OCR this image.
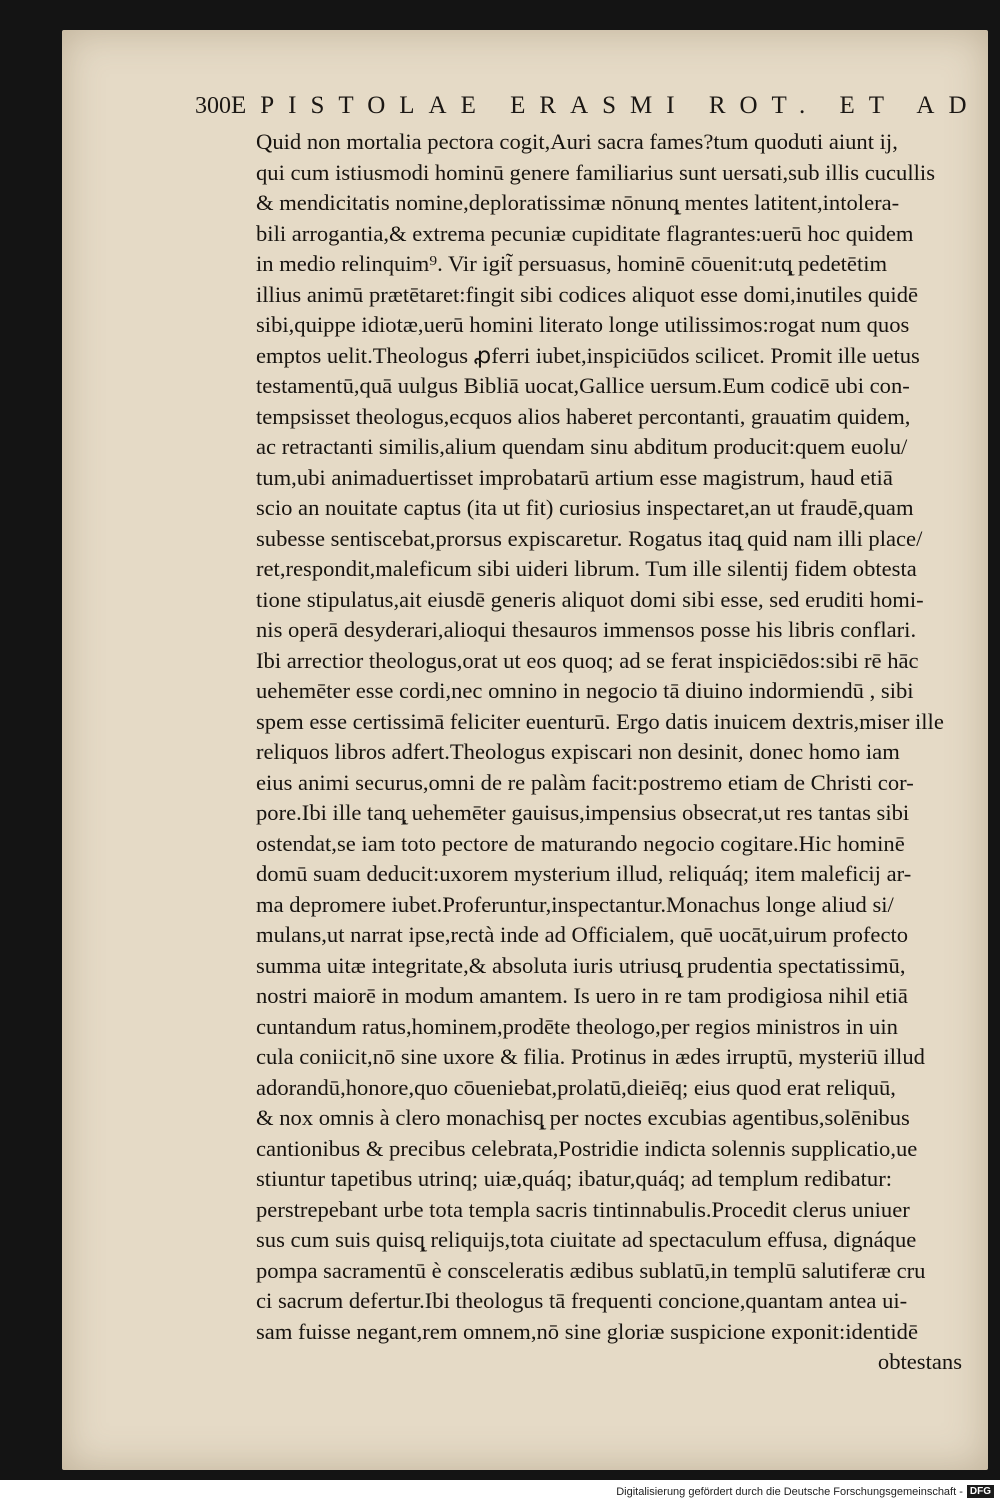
300 EPISTOLAE ERASMI ROT. ET AD
Quid non mortalia pectora cogit,Auri sacra fames?tum quoduti aiunt ij,
qui cum istiusmodi hominū genere familiarius sunt uersati,sub illis cucullis
& mendicitatis nomine,deploratissimæ nōnunq̨ mentes latitent,intolera-
bili arrogantia,& extrema pecuniæ cupiditate flagrantes:uerū hoc quidem
in medio relinquim⁹. Vir igit̃ persuasus, hominē cōuenit:utq̨ pedetētim
illius animū prætētaret:fingit sibi codices aliquot esse domi,inutiles quidē
sibi,quippe idiotæ,uerū homini literato longe utilissimos:rogat num quos
emptos uelit.Theologus ꝓferri iubet,inspiciūdos scilicet. Promit ille uetus
testamentū,quā uulgus Bibliā uocat,Gallice uersum.Eum codicē ubi con-
tempsisset theologus,ecquos alios haberet percontanti, grauatim quidem,
ac retractanti similis,alium quendam sinu abditum producit:quem euolu/
tum,ubi animaduertisset improbatarū artium esse magistrum, haud etiā
scio an nouitate captus (ita ut fit) curiosius inspectaret,an ut fraudē,quam
subesse sentiscebat,prorsus expiscaretur. Rogatus itaq̨ quid nam illi place/
ret,respondit,maleficum sibi uideri librum. Tum ille silentij fidem obtesta
tione stipulatus,ait eiusdē generis aliquot domi sibi esse, sed eruditi homi-
nis operā desyderari,alioqui thesauros immensos posse his libris conflari.
Ibi arrectior theologus,orat ut eos quoq; ad se ferat inspiciēdos:sibi rē hāc
uehemēter esse cordi,nec omnino in negocio tā diuino indormiendū , sibi
spem esse certissimā feliciter euenturū. Ergo datis inuicem dextris,miser ille
reliquos libros adfert.Theologus expiscari non desinit, donec homo iam
eius animi securus,omni de re palàm facit:postremo etiam de Christi cor-
pore.Ibi ille tanq̨ uehemēter gauisus,impensius obsecrat,ut res tantas sibi
ostendat,se iam toto pectore de maturando negocio cogitare.Hic hominē
domū suam deducit:uxorem mysterium illud, reliquáq; item maleficij ar-
ma depromere iubet.Proferuntur,inspectantur.Monachus longe aliud si/
mulans,ut narrat ipse,rectà inde ad Officialem, quē uocāt,uirum profecto
summa uitæ integritate,& absoluta iuris utriusq̨ prudentia spectatissimū,
nostri maiorē in modum amantem. Is uero in re tam prodigiosa nihil etiā
cuntandum ratus,hominem,prodēte theologo,per regios ministros in uin
cula coniicit,nō sine uxore & filia. Protinus in ædes irruptū, mysteriū illud
adorandū,honore,quo cōueniebat,prolatū,dieiēq; eius quod erat reliquū,
& nox omnis à clero monachisq̨ per noctes excubias agentibus,solēnibus
cantionibus & precibus celebrata,Postridie indicta solennis supplicatio,ue
stiuntur tapetibus utrinq; uiæ,quáq; ibatur,quáq; ad templum redibatur:
perstrepebant urbe tota templa sacris tintinnabulis.Procedit clerus uniuer
sus cum suis quisq̨ reliquijs,tota ciuitate ad spectaculum effusa, dignáque
pompa sacramentū è consceleratis ædibus sublatū,in templū salutiferæ cru
ci sacrum defertur.Ibi theologus tā frequenti concione,quantam antea ui-
sam fuisse negant,rem omnem,nō sine gloriæ suspicione exponit:identidē
obtestans
Digitalisierung gefördert durch die Deutsche Forschungsgemeinschaft - DFG
